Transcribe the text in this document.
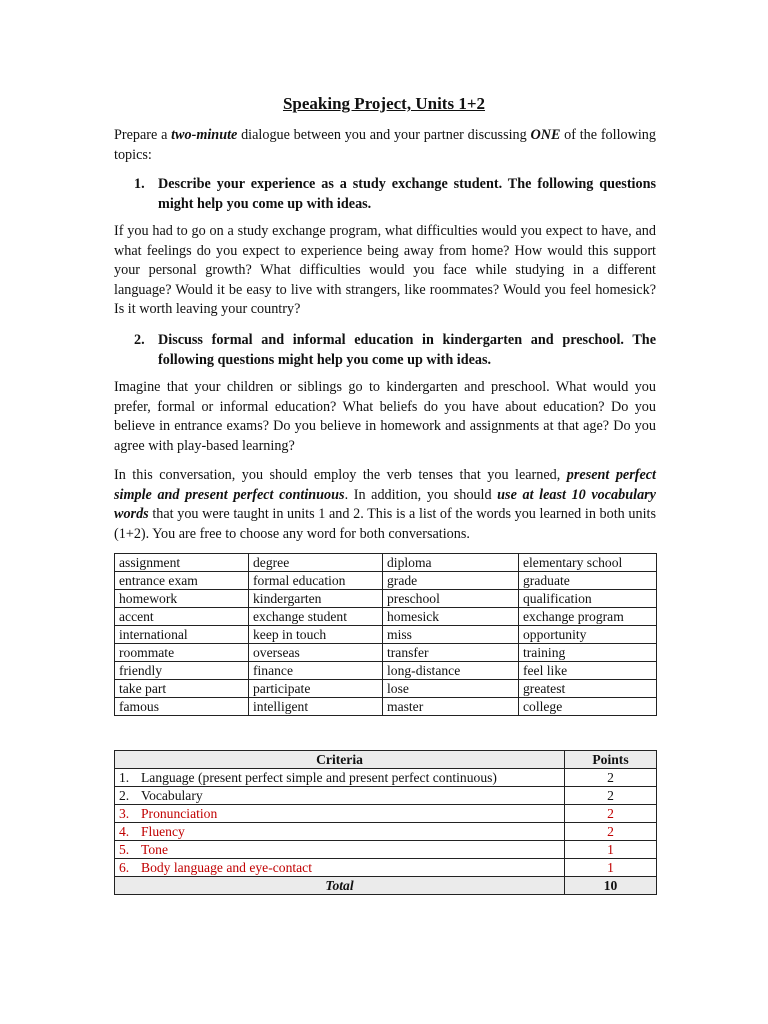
Speaking Project, Units 1+2

Prepare a two-minute dialogue between you and your partner discussing ONE of the following topics:

1. Describe your experience as a study exchange student. The following questions might help you come up with ideas.

If you had to go on a study exchange program, what difficulties would you expect to have, and what feelings do you expect to experience being away from home? How would this support your personal growth? What difficulties would you face while studying in a different language? Would it be easy to live with strangers, like roommates? Would you feel homesick? Is it worth leaving your country?

2. Discuss formal and informal education in kindergarten and preschool. The following questions might help you come up with ideas.

Imagine that your children or siblings go to kindergarten and preschool. What would you prefer, formal or informal education? What beliefs do you have about education? Do you believe in entrance exams? Do you believe in homework and assignments at that age? Do you agree with play-based learning?

In this conversation, you should employ the verb tenses that you learned, present perfect simple and present perfect continuous. In addition, you should use at least 10 vocabulary words that you were taught in units 1 and 2. This is a list of the words you learned in both units (1+2). You are free to choose any word for both conversations.

assignment	degree	diploma	elementary school
entrance exam	formal education	grade	graduate
homework	kindergarten	preschool	qualification
accent	exchange student	homesick	exchange program
international	keep in touch	miss	opportunity
roommate	overseas	transfer	training
friendly	finance	long-distance	feel like
take part	participate	lose	greatest
famous	intelligent	master	college
Criteria	Points
1. Language (present perfect simple and present perfect continuous)	2
2. Vocabulary	2
3. Pronunciation	2
4. Fluency	2
5. Tone	1
6. Body language and eye-contact	1
Total	10
